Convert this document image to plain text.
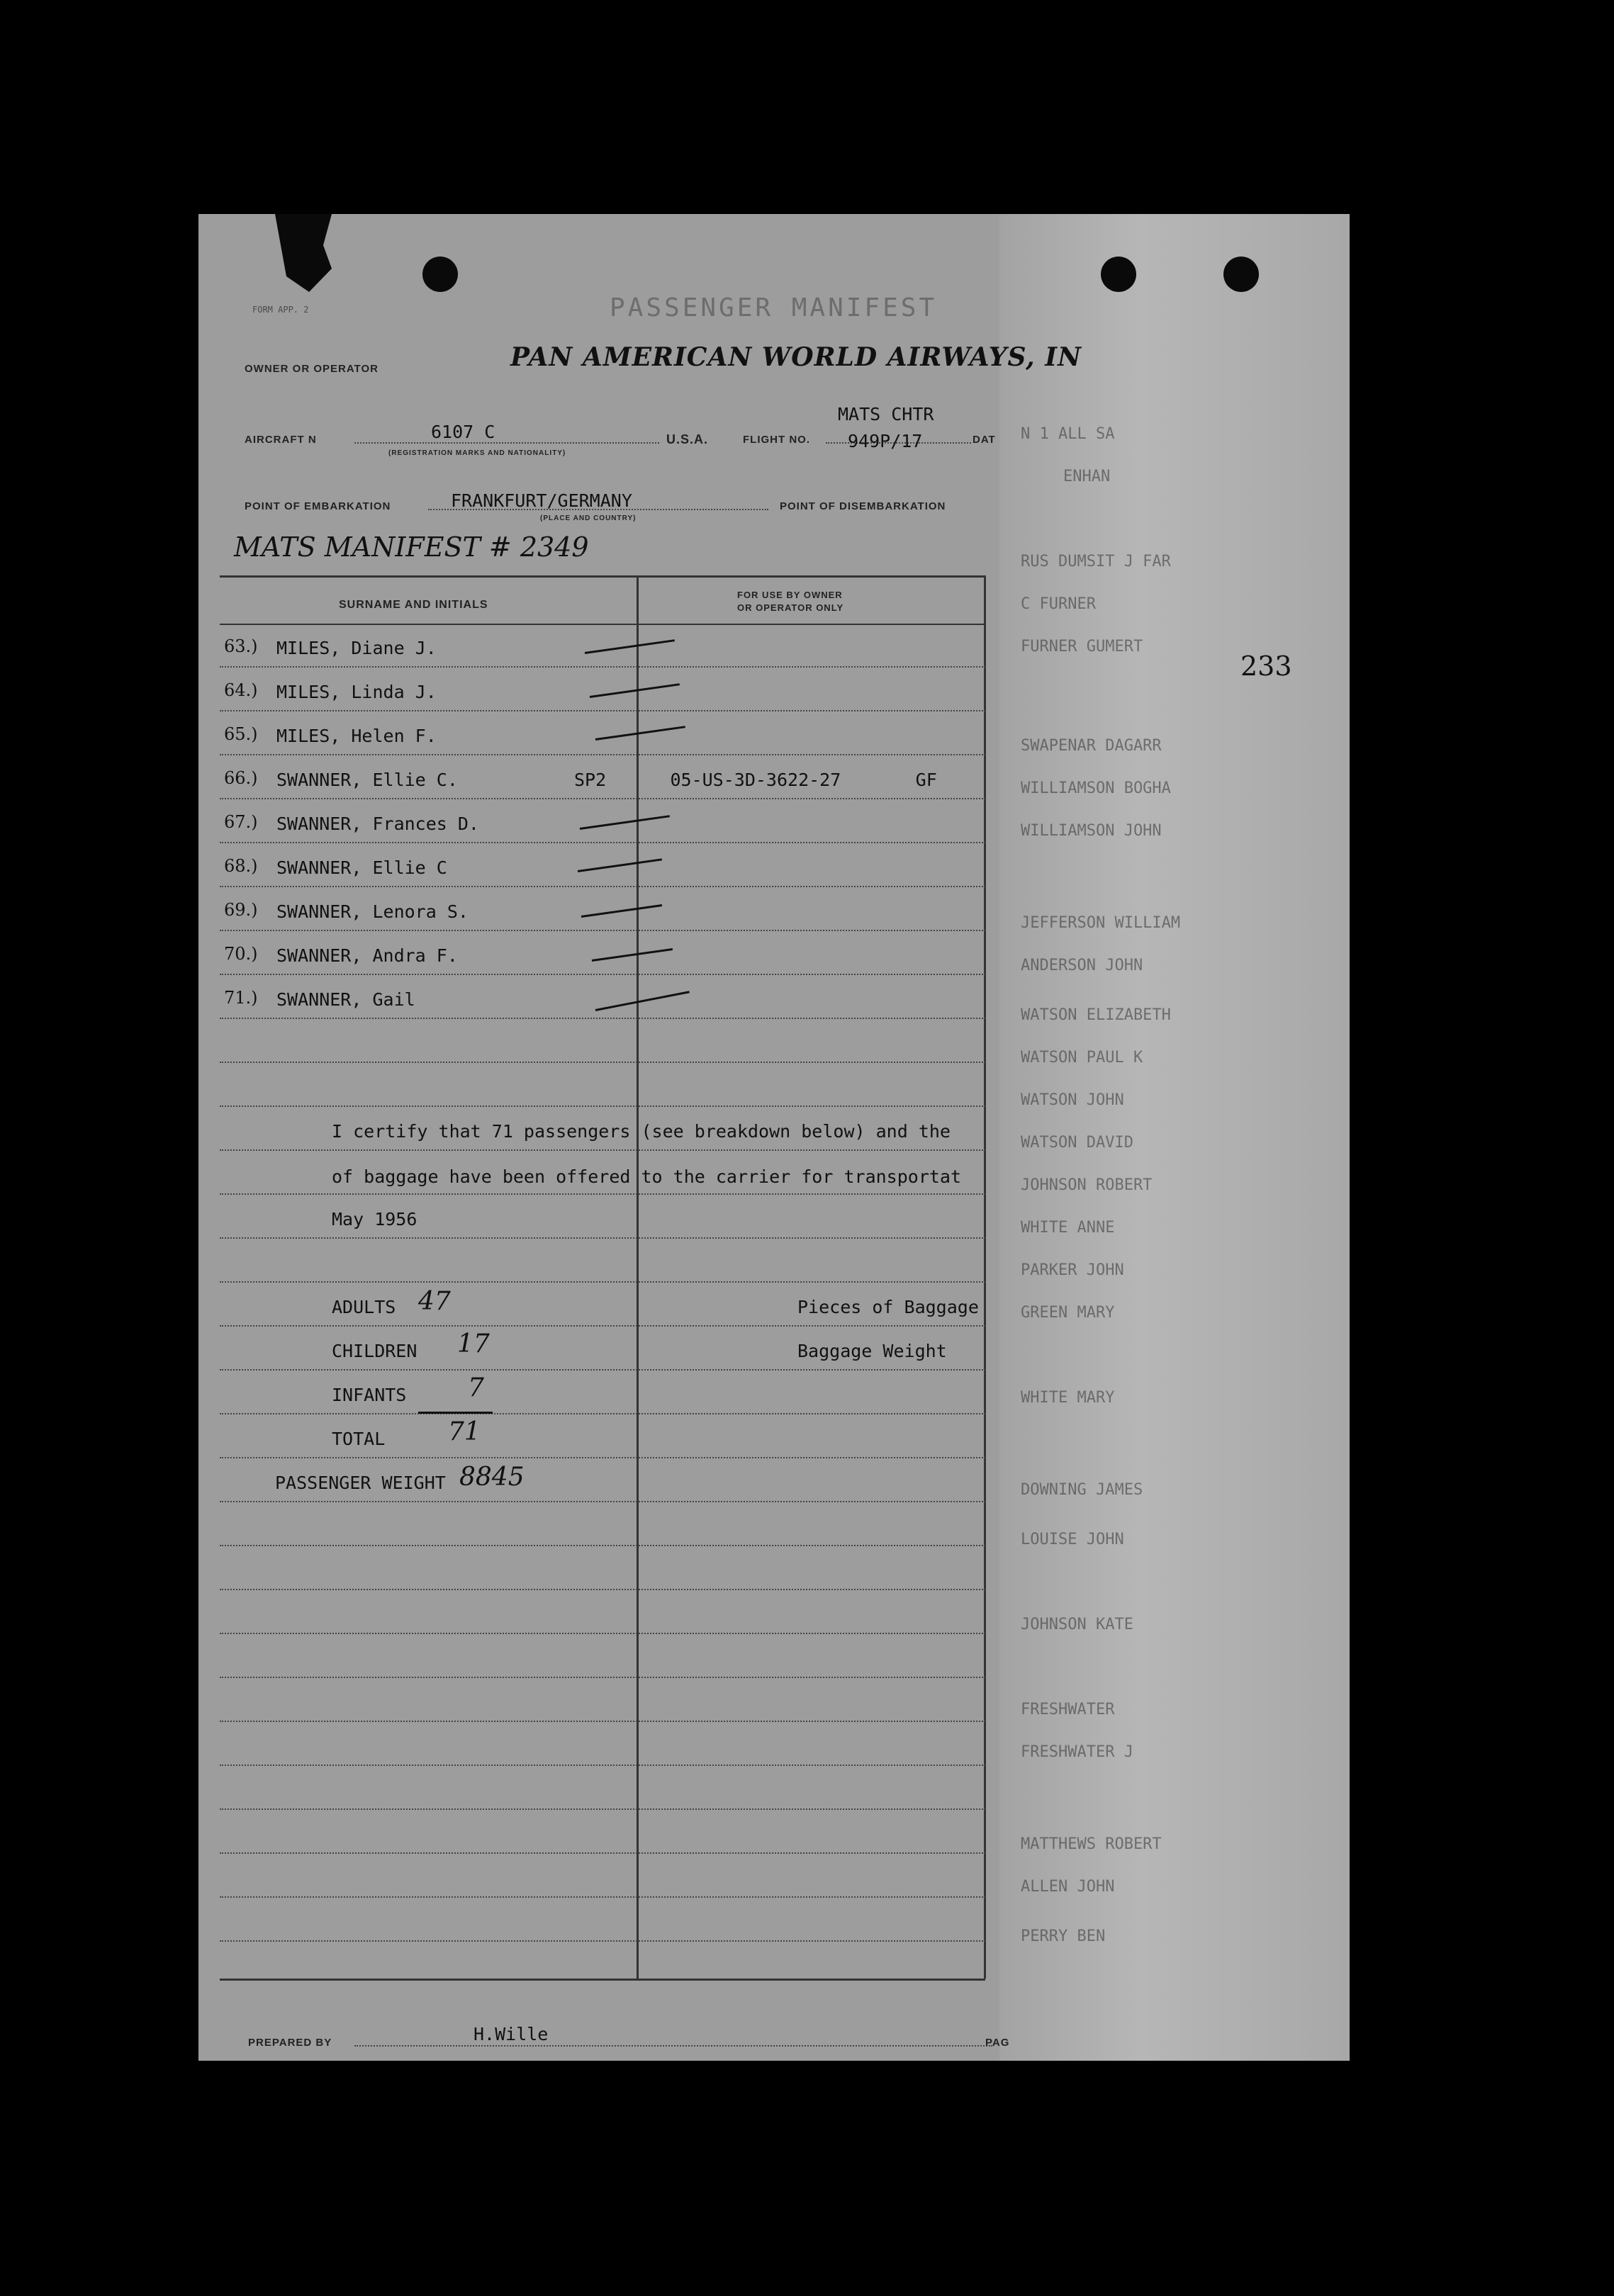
N 1 ALL SA
ENHAN
RUS DUMSIT J FAR
C FURNER
FURNER GUMERT
SWAPENAR DAGARR
WILLIAMSON BOGHA
WILLIAMSON JOHN
JEFFERSON WILLIAM
ANDERSON JOHN
WATSON ELIZABETH
WATSON PAUL K
WATSON JOHN
WATSON DAVID
JOHNSON ROBERT
WHITE ANNE
PARKER JOHN
GREEN MARY
WHITE MARY
DOWNING JAMES
LOUISE JOHN
JOHNSON KATE
FRESHWATER
FRESHWATER J
MATTHEWS ROBERT
ALLEN JOHN
PERRY BEN
FORM APP. 2	PASSENGER MANIFEST
OWNER OR OPERATOR	PAN AMERICAN WORLD AIRWAYS, IN
AIRCRAFT N	6107 C
(REGISTRATION MARKS AND NATIONALITY)
U.S.A.	FLIGHT NO.
MATS CHTR
949P/17	DAT
POINT OF EMBARKATION	FRANKFURT/GERMANY
(PLACE AND COUNTRY)
POINT OF DISEMBARKATION
MATS MANIFEST # 2349
233
SURNAME AND INITIALS
FOR USE BY OWNER
OR OPERATOR ONLY
63.) MILES, Diane J.
64.) MILES, Linda J.
65.) MILES, Helen F.
66.) SWANNER, Ellie C.	SP2      05-US-3D-3622-27       GF
67.) SWANNER, Frances D.
68.) SWANNER, Ellie C
69.) SWANNER, Lenora S.
70.) SWANNER, Andra F.
71.) SWANNER, Gail
I certify that 71 passengers (see breakdown below) and the
of baggage have been offered to the carrier for transportat
May 1956
ADULTS 47
CHILDREN 17
INFANTS 7
TOTAL 71
PASSENGER WEIGHT 8845
Pieces of Baggage
Baggage Weight
PREPARED BY	H.Wille	PAG
